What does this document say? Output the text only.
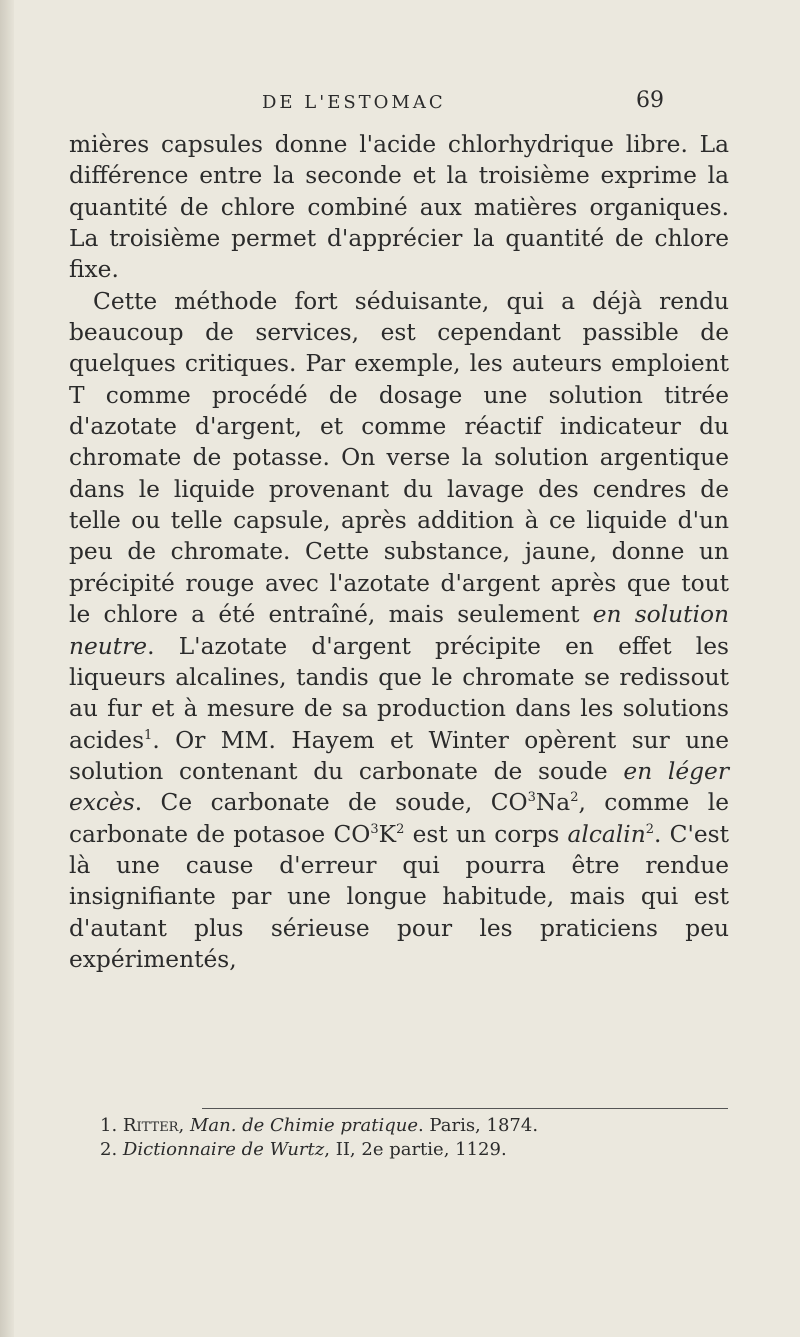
DE L'ESTOMAC	69

mières capsules donne l'acide chlorhydrique libre. La différence entre la seconde et la troisième exprime la quantité de chlore combiné aux matières organiques. La troisième permet d'apprécier la quantité de chlore fixe.

Cette méthode fort séduisante, qui a déjà rendu beaucoup de services, est cependant passible de quelques critiques. Par exemple, les auteurs emploient T comme procédé de dosage une solution titrée d'azotate d'argent, et comme réactif indicateur du chromate de potasse. On verse la solution argentique dans le liquide provenant du lavage des cendres de telle ou telle capsule, après addition à ce liquide d'un peu de chromate. Cette substance, jaune, donne un précipité rouge avec l'azotate d'argent après que tout le chlore a été entraîné, mais seulement en solution neutre. L'azotate d'argent précipite en effet les liqueurs alcalines, tandis que le chromate se redissout au fur et à mesure de sa production dans les solutions acides$^1$. Or MM. Hayem et Winter opèrent sur une solution contenant du carbonate de soude en léger excès. Ce carbonate de soude, $CO^3Na^2$, comme le carbonate de potasoe $CO^3K^2$ est un corps alcalin$^2$. C'est là une cause d'erreur qui pourra être rendue insignifiante par une longue habitude, mais qui est d'autant plus sérieuse pour les praticiens peu expérimentés,

1. Ritter, Man. de Chimie pratique. Paris, 1874.
2. Dictionnaire de Wurtz, II, 2e partie, 1129.
